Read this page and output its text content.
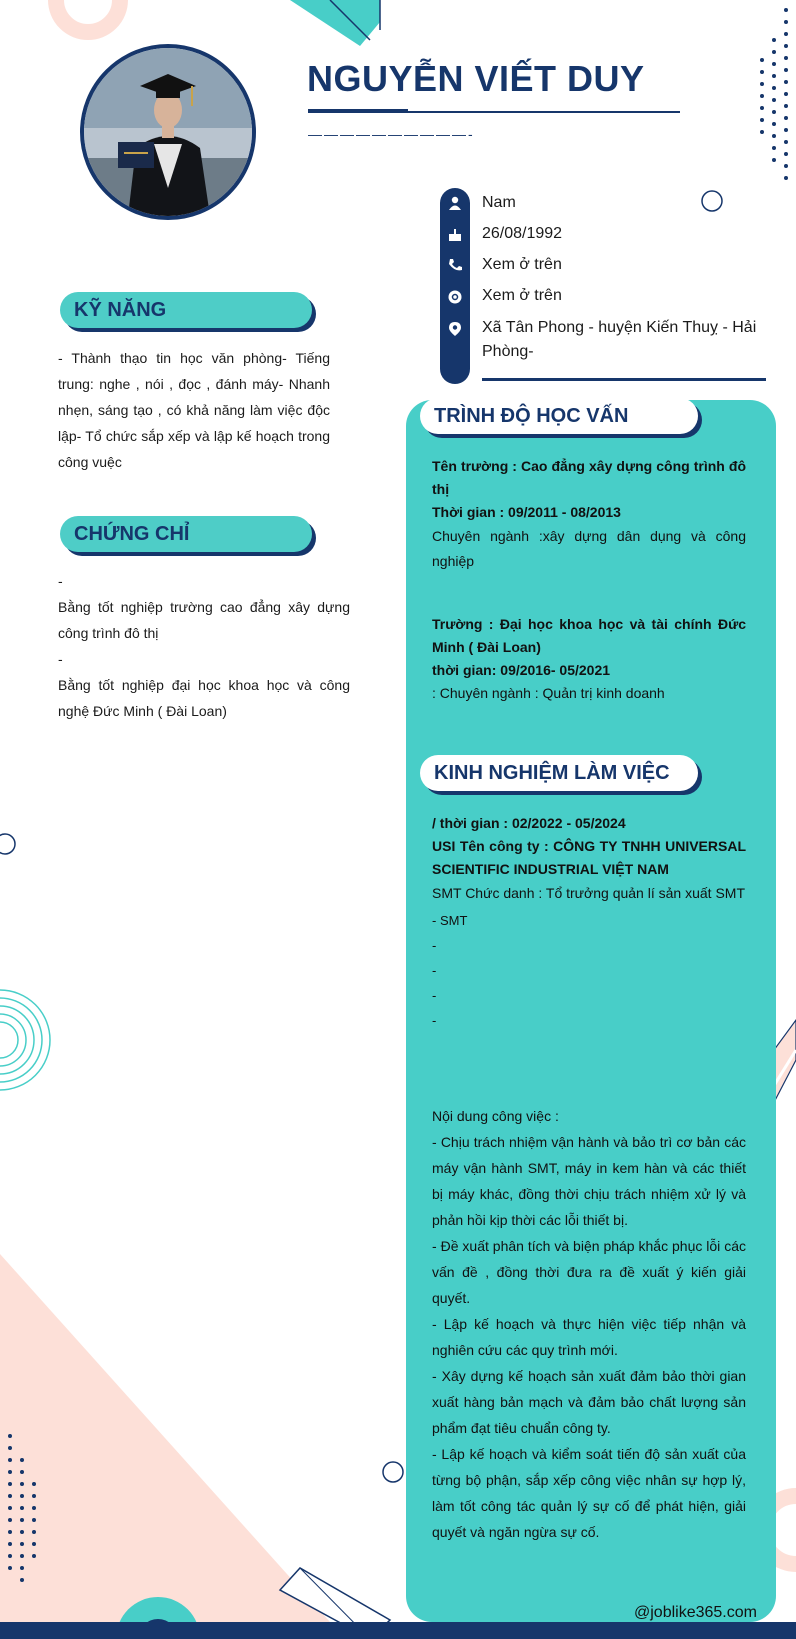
NGUYỄN VIẾT DUY
——————————-
Nam
26/08/1992
Xem ở trên
Xem ở trên
Xã Tân Phong - huyện Kiến Thuỵ - Hải Phòng-
KỸ NĂNG
- Thành thạo tin học văn phòng- Tiếng trung: nghe , nói , đọc , đánh máy- Nhanh nhẹn, sáng tạo , có khả năng làm việc độc lập- Tổ chức sắp xếp và lập kế hoạch trong công vuệc
CHỨNG CHỈ
-
Bằng tốt nghiệp trường cao đẳng xây dựng công trình đô thị
-
Bằng tốt nghiệp đại học khoa học và công nghệ Đức Minh ( Đài Loan)
TRÌNH ĐỘ HỌC VẤN
Tên trường : Cao đẳng xây dựng công trình đô thị
Thời gian : 09/2011 - 08/2013
Chuyên ngành :xây dựng dân dụng và công nghiệp
Trường : Đại học khoa học và tài chính Đức Minh ( Đài Loan)
thời gian: 09/2016- 05/2021
: Chuyên ngành : Quản trị kinh doanh
KINH NGHIỆM LÀM VIỆC
/ thời gian : 02/2022 - 05/2024
USI Tên công ty : CÔNG TY TNHH UNIVERSAL SCIENTIFIC INDUSTRIAL VIỆT NAM
SMT Chức danh : Tổ trưởng quản lí sản xuất SMT
- SMT
-
-
-
-
Nội dung công việc :
- Chịu trách nhiệm vận hành và bảo trì cơ bản các máy vận hành SMT, máy in kem hàn và các thiết bị máy khác, đồng thời chịu trách nhiệm xử lý và phản hồi kịp thời các lỗi thiết bị.
- Đề xuất phân tích và biện pháp khắc phục lỗi các vấn đề , đồng thời đưa ra đề xuất ý kiến giải quyết.
- Lập kế hoạch và thực hiện việc tiếp nhận và nghiên cứu các quy trình mới.
- Xây dựng kế hoạch sản xuất đảm bảo thời gian xuất hàng bản mạch và đảm bảo chất lượng sản phẩm đạt tiêu chuẩn công ty.
- Lập kế hoạch và kiểm soát tiến độ sản xuất của từng bộ phận, sắp xếp công việc nhân sự hợp lý, làm tốt công tác quản lý sự cố để phát hiện, giải quyết và ngăn ngừa sự cố.
@joblike365.com
